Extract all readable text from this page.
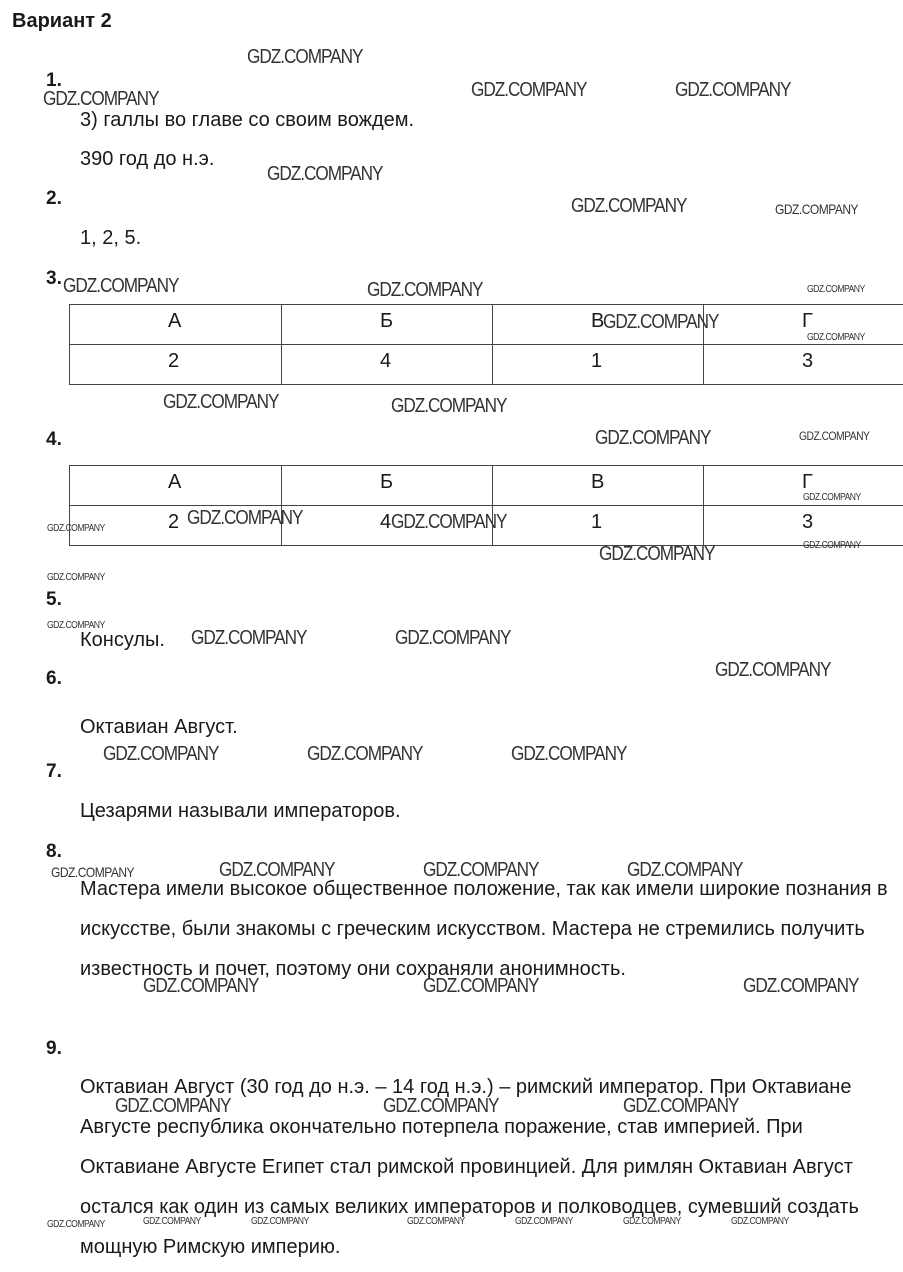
Вариант 2
1.
3) галлы во главе со своим вождем.
390 год до н.э.
2.
1, 2, 5.
3.
А	Б	В	Г

2	4	1	3
4.
А	Б	В	Г

2	4	1	3
5.
Консулы.
6.
Октавиан Август.
7.
Цезарями называли императоров.
8.
Мастера имели высокое общественное положение, так как имели широкие познания в искусстве, были знакомы с греческим искусством. Мастера не стремились получить известность и почет, поэтому они сохраняли анонимность.
9.
Октавиан Август (30 год до н.э. – 14 год н.э.) – римский император. При Октавиане Августе республика окончательно потерпела поражение, став империей. При Октавиане Августе Египет стал римской провинцией. Для римлян Октавиан Август остался как один из самых великих императоров и полководцев, сумевший создать мощную Римскую империю.
GDZ.COMPANY
GDZ.COMPANY	GDZ.COMPANY	GDZ.COMPANY
GDZ.COMPANY
GDZ.COMPANY	GDZ.COMPANY
GDZ.COMPANY	GDZ.COMPANY	GDZ.COMPANY
GDZ.COMPANY
GDZ.COMPANY
GDZ.COMPANY	GDZ.COMPANY
GDZ.COMPANY	GDZ.COMPANY
GDZ.COMPANY
GDZ.COMPANY	GDZ.COMPANY
GDZ.COMPANY
GDZ.COMPANY
GDZ.COMPANY
GDZ.COMPANY
GDZ.COMPANY
GDZ.COMPANY	GDZ.COMPANY
GDZ.COMPANY
GDZ.COMPANY	GDZ.COMPANY	GDZ.COMPANY
GDZ.COMPANY	GDZ.COMPANY	GDZ.COMPANY	GDZ.COMPANY
GDZ.COMPANY	GDZ.COMPANY	GDZ.COMPANY
GDZ.COMPANY	GDZ.COMPANY	GDZ.COMPANY
GDZ.COMPANY	GDZ.COMPANY	GDZ.COMPANY	GDZ.COMPANY	GDZ.COMPANY	GDZ.COMPANY	GDZ.COMPANY
